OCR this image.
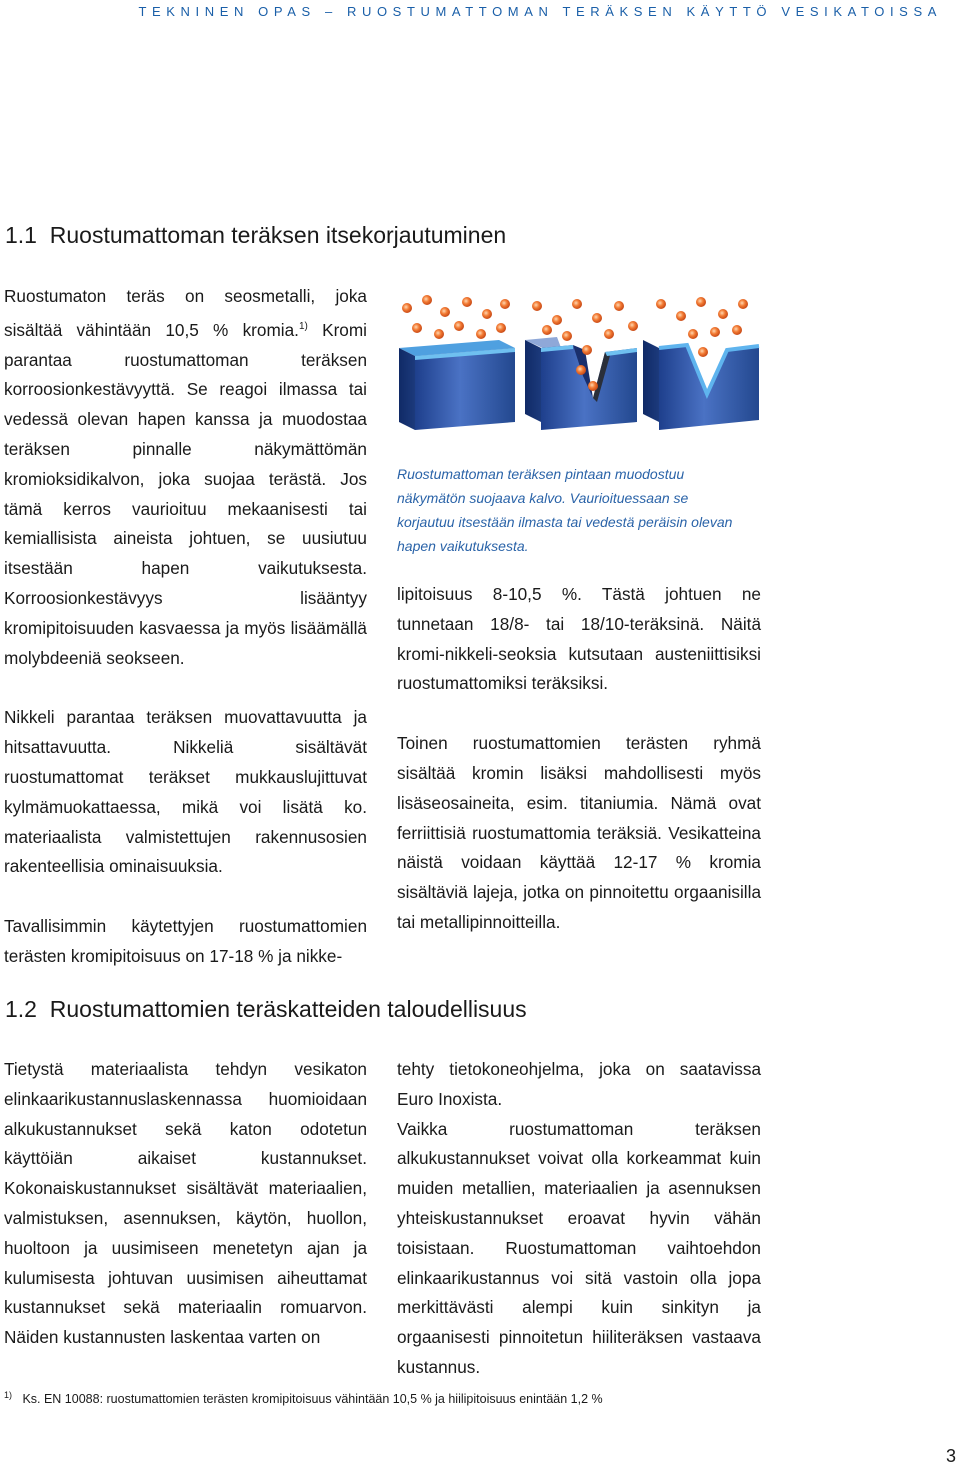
TEKNINEN OPAS – RUOSTUMATTOMAN TERÄKSEN KÄYTTÖ VESIKATOISSA
1.1 Ruostumattoman teräksen itsekorjautuminen

Ruostumaton teräs on seosmetalli, joka sisältää vähintään 10,5 % kromia.$^{1)}$ Kromi parantaa ruostumattoman teräksen korroosionkestävyyttä. Se reagoi ilmassa tai vedessä olevan hapen kanssa ja muodostaa teräksen pinnalle näkymättömän kromioksidikalvon, joka suojaa terästä. Jos tämä kerros vaurioituu mekaanisesti tai kemiallisista aineista johtuen, se uusiutuu itsestään hapen vaikutuksesta. Korroosionkestävyys lisääntyy kromipitoisuuden kasvaessa ja myös lisäämällä molybdeeniä seokseen.

Nikkeli parantaa teräksen muovattavuutta ja hitsattavuutta. Nikkeliä sisältävät ruostumattomat teräkset mukkauslujittuvat kylmämuokattaessa, mikä voi lisätä ko. materiaalista valmistettujen rakennusosien rakenteellisia ominaisuuksia.

Tavallisimmin käytettyjen ruostumattomien terästen kromipitoisuus on 17-18 % ja nikke-

Ruostumattoman teräksen pintaan muodostuu näkymätön suojaava kalvo. Vaurioituessaan se korjautuu itsestään ilmasta tai vedestä peräisin olevan hapen vaikutuksesta.

lipitoisuus 8-10,5 %. Tästä johtuen ne tunnetaan 18/8- tai 18/10-teräksinä. Näitä kromi-nikkeli-seoksia kutsutaan austeniittisiksi ruostumattomiksi teräksiksi.

Toinen ruostumattomien terästen ryhmä sisältää kromin lisäksi mahdollisesti myös lisäseosaineita, esim. titaniumia. Nämä ovat ferriittisiä ruostumattomia teräksiä. Vesikatteina näistä voidaan käyttää 12-17 % kromia sisältäviä lajeja, jotka on pinnoitettu orgaanisilla tai metallipinnoitteilla.

1.2 Ruostumattomien teräskatteiden taloudellisuus

Tietystä materiaalista tehdyn vesikaton elinkaarikustannuslaskennassa huomioidaan alkukustannukset sekä katon odotetun käyttöiän aikaiset kustannukset. Kokonaiskustannukset sisältävät materiaalien, valmistuksen, asennuksen, käytön, huollon, huoltoon ja uusimiseen menetetyn ajan ja kulumisesta johtuvan uusimisen aiheuttamat kustannukset sekä materiaalin romuarvon. Näiden kustannusten laskentaa varten on

tehty tietokoneohjelma, joka on saatavissa Euro Inoxista.

Vaikka ruostumattoman teräksen alkukustannukset voivat olla korkeammat kuin muiden metallien, materiaalien ja asennuksen yhteiskustannukset eroavat hyvin vähän toisistaan. Ruostumattoman vaihtoehdon elinkaarikustannus voi sitä vastoin olla jopa merkittävästi alempi kuin sinkityn ja orgaanisesti pinnoitetun hiiliteräksen vastaava kustannus.

$^{1)}$ Ks. EN 10088: ruostumattomien terästen kromipitoisuus vähintään 10,5 % ja hiilipitoisuus enintään 1,2 %
3
